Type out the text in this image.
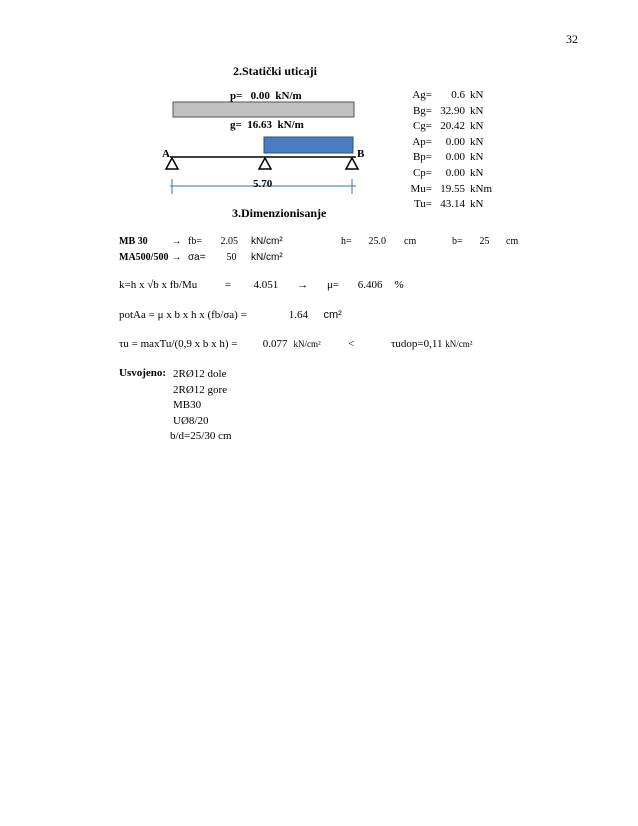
32
2.Statički uticaji
p= 0.00 kN/m
g= 16.63 kN/m
A	B
5.70
Ag=	0.6 kN
Bg= 32.90 kN
Cg= 20.42 kN
Ap=	0.00 kN
Bp=	0.00 kN
Cp=	0.00 kN
Mu= 19.55 kNm
Tu= 43.14 kN
3.Dimenzionisanje
MB 30 → fb= 2.05 kN/cm²	h= 25.0 cm	b= 25 cm
MA500/500 → σa= 50 kN/cm²
k=h x √b x fb/Mu	= 4.051 → μ= 6.406 %
potAa = μ x b x h x (fb/σa) =	1.64 cm²
τu = maxTu/(0,9 x b x h) = 0.077 kN/cm²	<	τudop=0,11 kN/cm²
Usvojeno: 2RØ12 dole
2RØ12 gore
MB30
UØ8/20
b/d=25/30 cm
